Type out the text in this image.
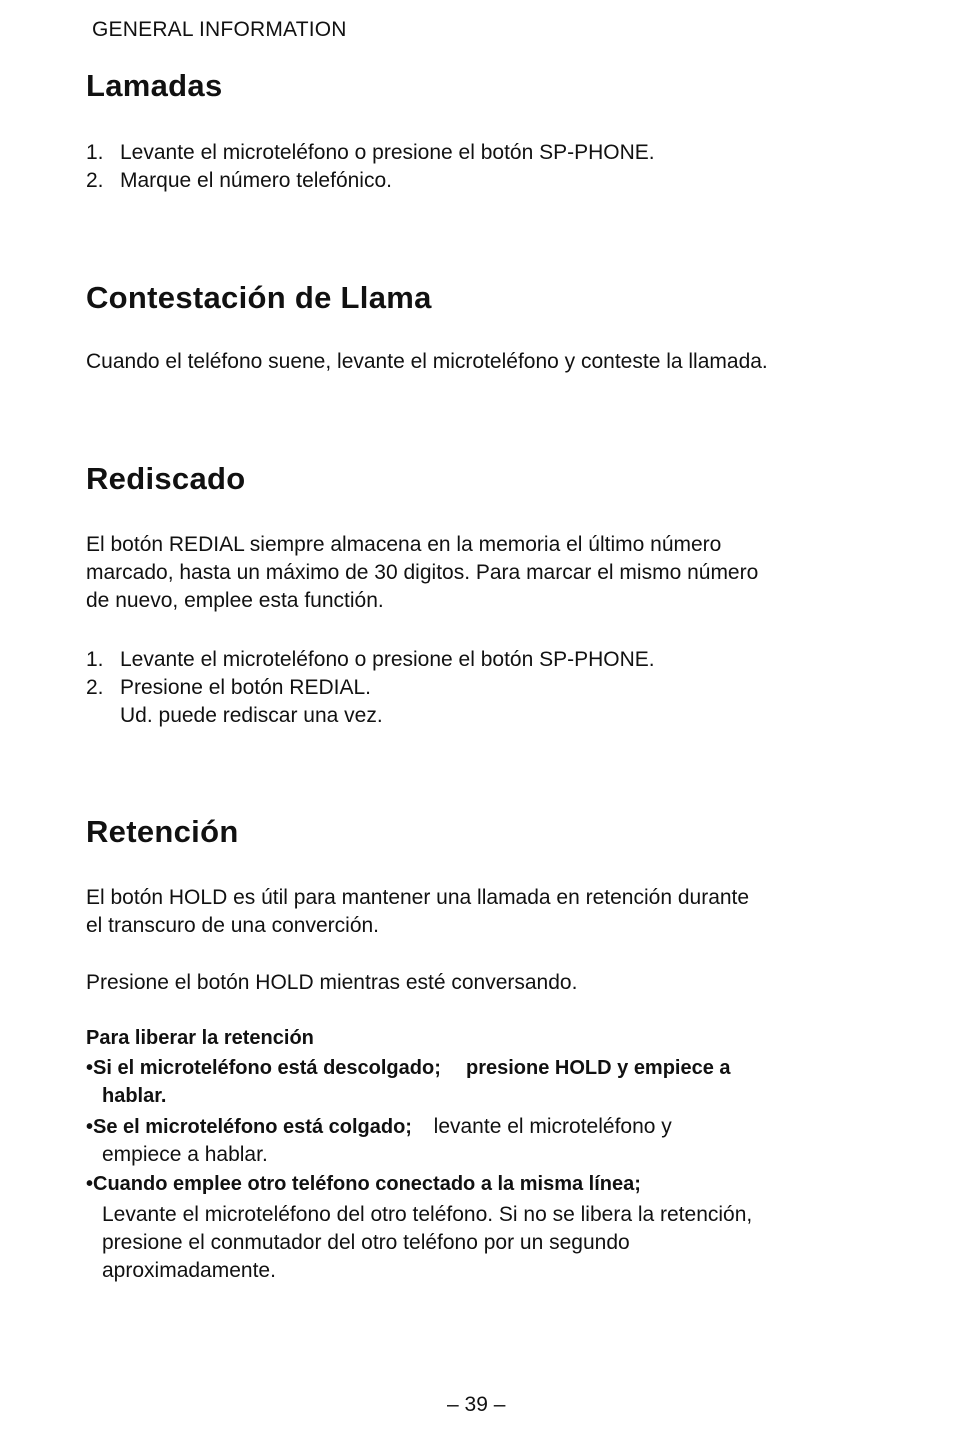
GENERAL INFORMATION
Lamadas
1. Levante el microteléfono o presione el botón SP-PHONE.
2. Marque el número telefónico.
Contestación de Llama
Cuando el teléfono suene, levante el microteléfono y conteste la llamada.
Rediscado
El botón REDIAL siempre almacena en la memoria el último número
marcado, hasta un máximo de 30 digitos. Para marcar el mismo número
de nuevo, emplee esta functión.
1. Levante el microteléfono o presione el botón SP-PHONE.
2. Presione el botón REDIAL.
Ud. puede rediscar una vez.
Retención
El botón HOLD es útil para mantener una llamada en retención durante
el transcuro de una converción.
Presione el botón HOLD mientras esté conversando.
Para liberar la retención
•Si el microteléfono está descolgado; presione HOLD y empiece a
hablar.
•Se el microteléfono está colgado; levante el microteléfono y
empiece a hablar.
•Cuando emplee otro teléfono conectado a la misma línea;
Levante el microteléfono del otro teléfono. Si no se libera la retención,
presione el conmutador del otro teléfono por un segundo
aproximadamente.
– 39 –
